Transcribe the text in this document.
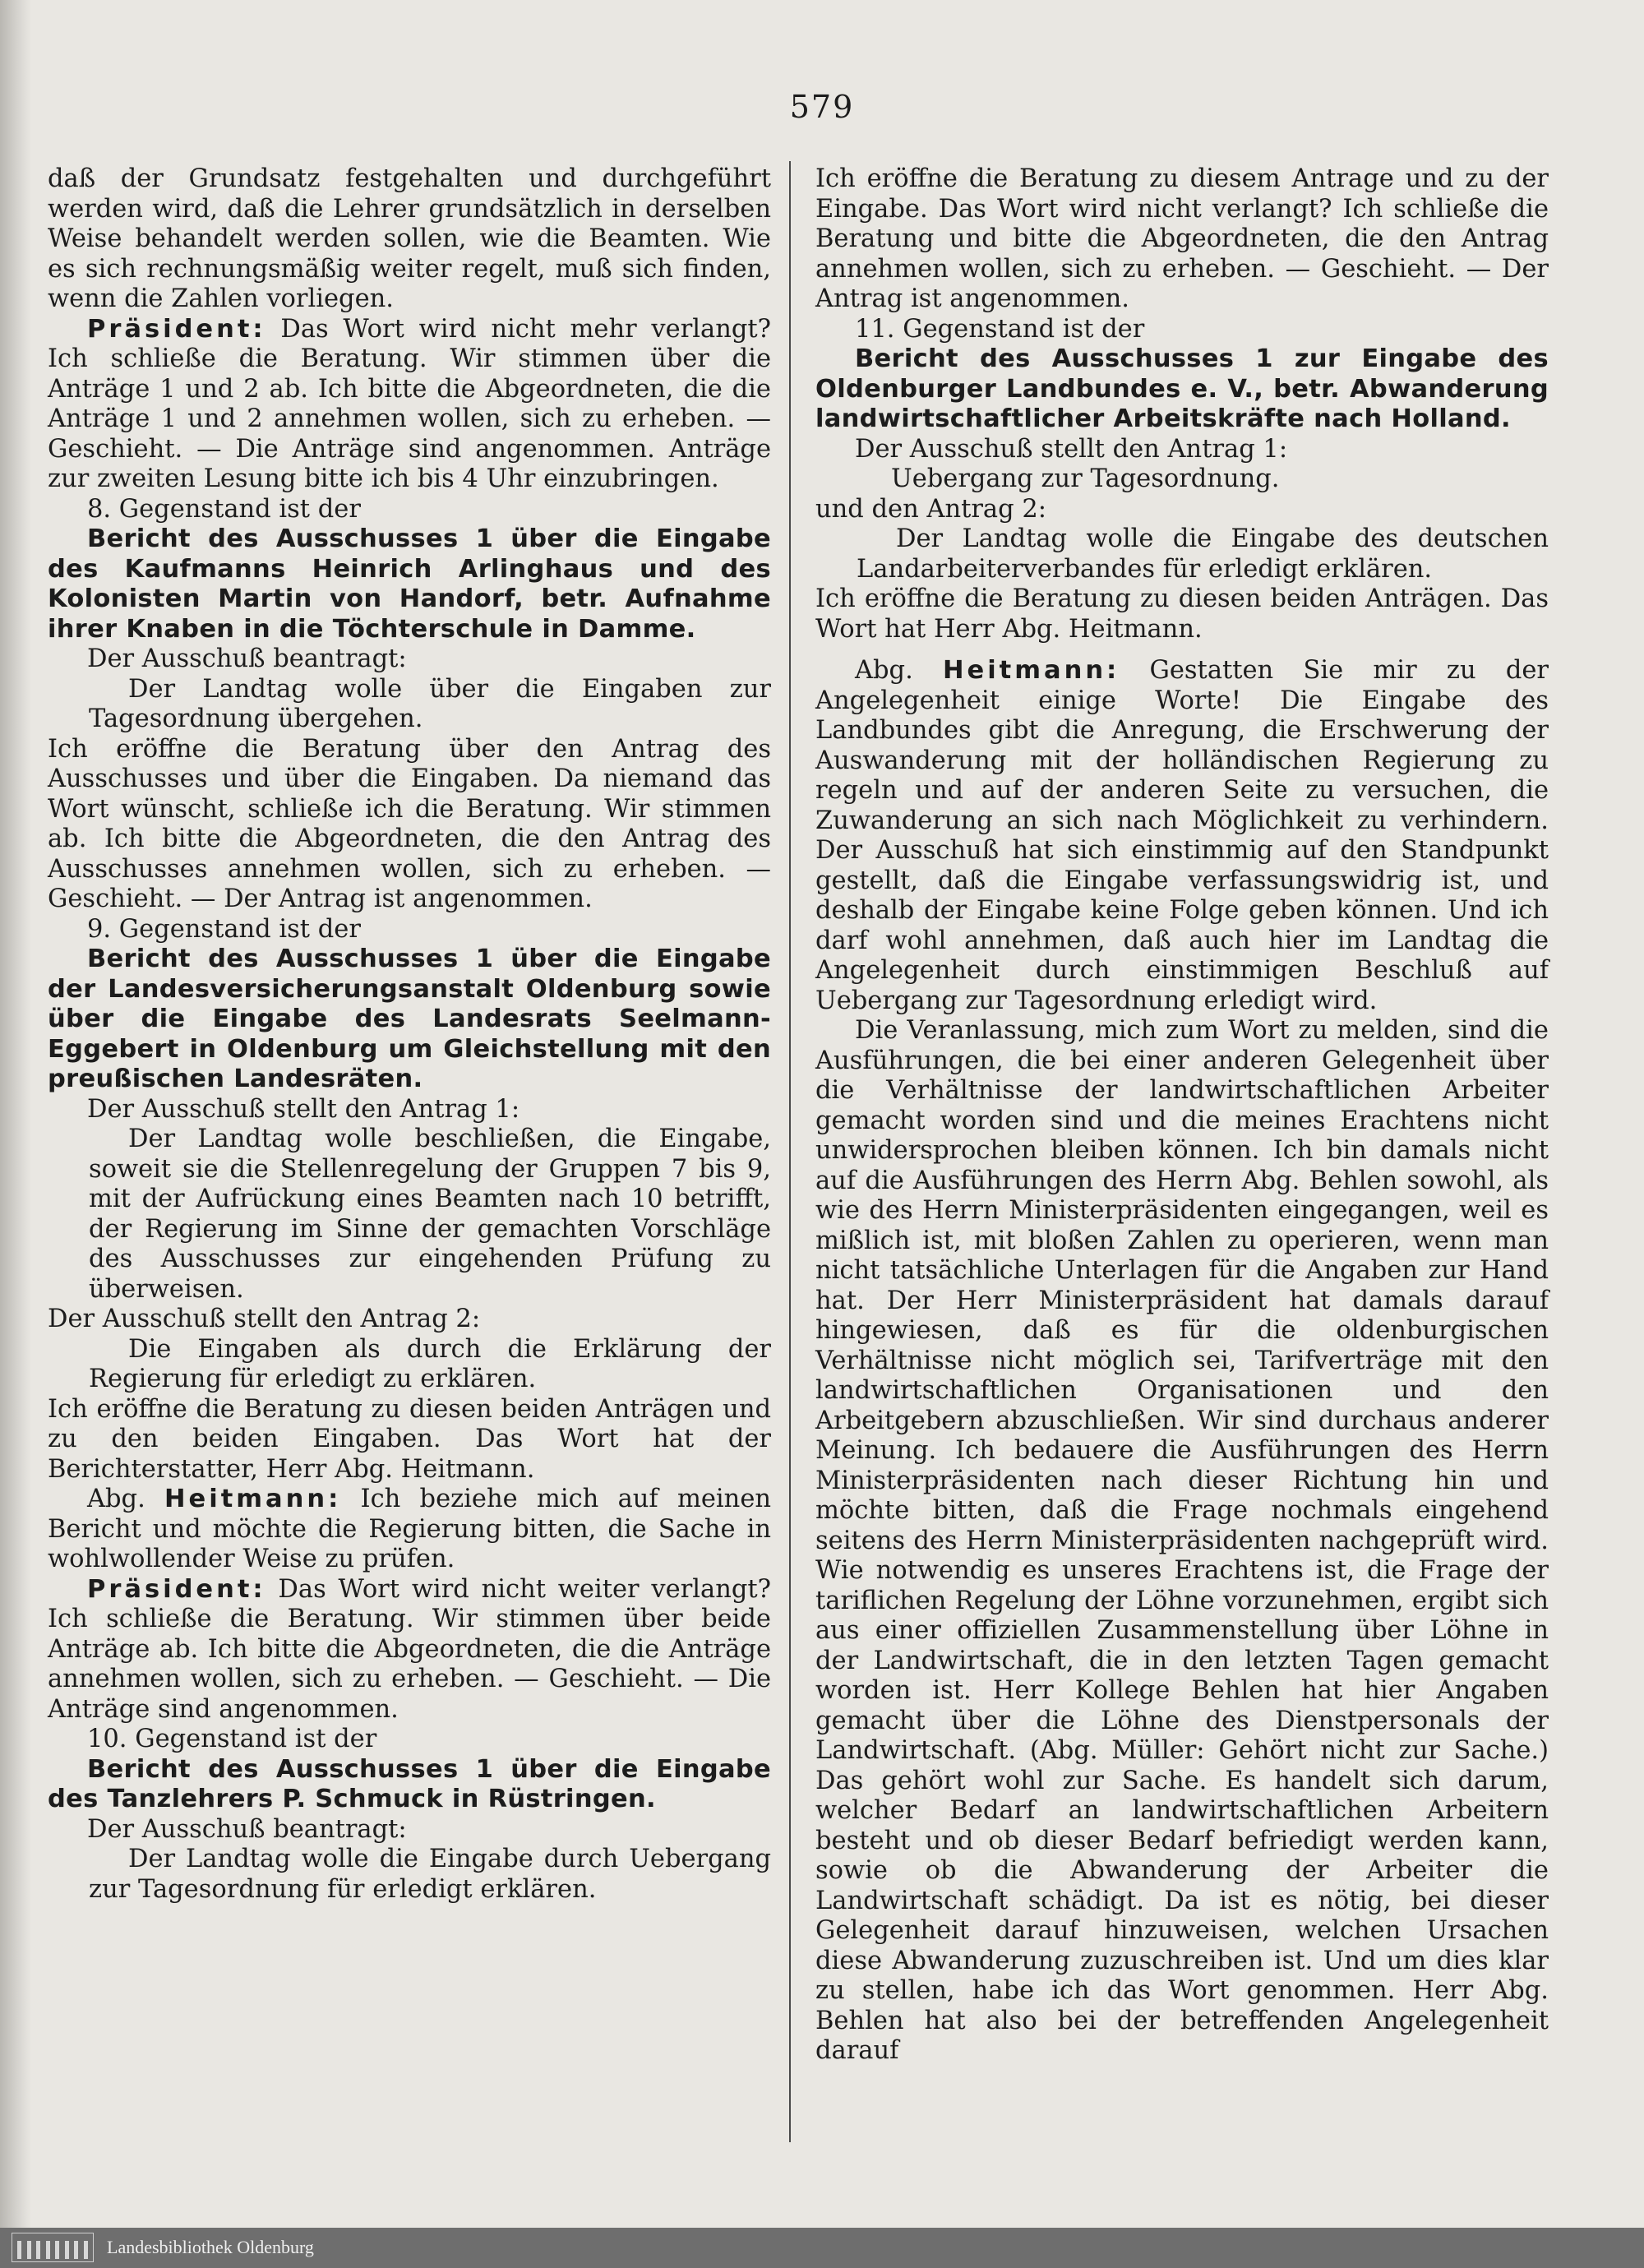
579

daß der Grundsatz festgehalten und durchgeführt werden wird, daß die Lehrer grundsätzlich in derselben Weise behandelt werden sollen, wie die Beamten. Wie es sich rechnungsmäßig weiter regelt, muß sich finden, wenn die Zahlen vorliegen.

Präsident: Das Wort wird nicht mehr verlangt? Ich schließe die Beratung. Wir stimmen über die Anträge 1 und 2 ab. Ich bitte die Abgeordneten, die die Anträge 1 und 2 annehmen wollen, sich zu erheben. — Geschieht. — Die Anträge sind angenommen. Anträge zur zweiten Lesung bitte ich bis 4 Uhr einzubringen.

8. Gegenstand ist der

Bericht des Ausschusses 1 über die Eingabe des Kaufmanns Heinrich Arlinghaus und des Kolonisten Martin von Handorf, betr. Aufnahme ihrer Knaben in die Töchterschule in Damme.

Der Ausschuß beantragt:

Der Landtag wolle über die Eingaben zur Tagesordnung übergehen.

Ich eröffne die Beratung über den Antrag des Ausschusses und über die Eingaben. Da niemand das Wort wünscht, schließe ich die Beratung. Wir stimmen ab. Ich bitte die Abgeordneten, die den Antrag des Ausschusses annehmen wollen, sich zu erheben. — Geschieht. — Der Antrag ist angenommen.

9. Gegenstand ist der

Bericht des Ausschusses 1 über die Eingabe der Landesversicherungsanstalt Oldenburg sowie über die Eingabe des Landesrats Seelmann-Eggebert in Oldenburg um Gleichstellung mit den preußischen Landesräten.

Der Ausschuß stellt den Antrag 1:

Der Landtag wolle beschließen, die Eingabe, soweit sie die Stellenregelung der Gruppen 7 bis 9, mit der Aufrückung eines Beamten nach 10 betrifft, der Regierung im Sinne der gemachten Vorschläge des Ausschusses zur eingehenden Prüfung zu überweisen.

Der Ausschuß stellt den Antrag 2:

Die Eingaben als durch die Erklärung der Regierung für erledigt zu erklären.

Ich eröffne die Beratung zu diesen beiden Anträgen und zu den beiden Eingaben. Das Wort hat der Berichterstatter, Herr Abg. Heitmann.

Abg. Heitmann: Ich beziehe mich auf meinen Bericht und möchte die Regierung bitten, die Sache in wohlwollender Weise zu prüfen.

Präsident: Das Wort wird nicht weiter verlangt? Ich schließe die Beratung. Wir stimmen über beide Anträge ab. Ich bitte die Abgeordneten, die die Anträge annehmen wollen, sich zu erheben. — Geschieht. — Die Anträge sind angenommen.

10. Gegenstand ist der

Bericht des Ausschusses 1 über die Eingabe des Tanzlehrers P. Schmuck in Rüstringen.

Der Ausschuß beantragt:

Der Landtag wolle die Eingabe durch Uebergang zur Tagesordnung für erledigt erklären.

Ich eröffne die Beratung zu diesem Antrage und zu der Eingabe. Das Wort wird nicht verlangt? Ich schließe die Beratung und bitte die Abgeordneten, die den Antrag annehmen wollen, sich zu erheben. — Geschieht. — Der Antrag ist angenommen.

11. Gegenstand ist der

Bericht des Ausschusses 1 zur Eingabe des Oldenburger Landbundes e. V., betr. Abwanderung landwirtschaftlicher Arbeitskräfte nach Holland.

Der Ausschuß stellt den Antrag 1:

Uebergang zur Tagesordnung.

und den Antrag 2:

Der Landtag wolle die Eingabe des deutschen Landarbeiterverbandes für erledigt erklären.

Ich eröffne die Beratung zu diesen beiden Anträgen. Das Wort hat Herr Abg. Heitmann.

Abg. Heitmann: Gestatten Sie mir zu der Angelegenheit einige Worte! Die Eingabe des Landbundes gibt die Anregung, die Erschwerung der Auswanderung mit der holländischen Regierung zu regeln und auf der anderen Seite zu versuchen, die Zuwanderung an sich nach Möglichkeit zu verhindern. Der Ausschuß hat sich einstimmig auf den Standpunkt gestellt, daß die Eingabe verfassungswidrig ist, und deshalb der Eingabe keine Folge geben können. Und ich darf wohl annehmen, daß auch hier im Landtag die Angelegenheit durch einstimmigen Beschluß auf Uebergang zur Tagesordnung erledigt wird.

Die Veranlassung, mich zum Wort zu melden, sind die Ausführungen, die bei einer anderen Gelegenheit über die Verhältnisse der landwirtschaftlichen Arbeiter gemacht worden sind und die meines Erachtens nicht unwidersprochen bleiben können. Ich bin damals nicht auf die Ausführungen des Herrn Abg. Behlen sowohl, als wie des Herrn Ministerpräsidenten eingegangen, weil es mißlich ist, mit bloßen Zahlen zu operieren, wenn man nicht tatsächliche Unterlagen für die Angaben zur Hand hat. Der Herr Ministerpräsident hat damals darauf hingewiesen, daß es für die oldenburgischen Verhältnisse nicht möglich sei, Tarifverträge mit den landwirtschaftlichen Organisationen und den Arbeitgebern abzuschließen. Wir sind durchaus anderer Meinung. Ich bedauere die Ausführungen des Herrn Ministerpräsidenten nach dieser Richtung hin und möchte bitten, daß die Frage nochmals eingehend seitens des Herrn Ministerpräsidenten nachgeprüft wird. Wie notwendig es unseres Erachtens ist, die Frage der tariflichen Regelung der Löhne vorzunehmen, ergibt sich aus einer offiziellen Zusammenstellung über Löhne in der Landwirtschaft, die in den letzten Tagen gemacht worden ist. Herr Kollege Behlen hat hier Angaben gemacht über die Löhne des Dienstpersonals der Landwirtschaft. (Abg. Müller: Gehört nicht zur Sache.) Das gehört wohl zur Sache. Es handelt sich darum, welcher Bedarf an landwirtschaftlichen Arbeitern besteht und ob dieser Bedarf befriedigt werden kann, sowie ob die Abwanderung der Arbeiter die Landwirtschaft schädigt. Da ist es nötig, bei dieser Gelegenheit darauf hinzuweisen, welchen Ursachen diese Abwanderung zuzuschreiben ist. Und um dies klar zu stellen, habe ich das Wort genommen. Herr Abg. Behlen hat also bei der betreffenden Angelegenheit darauf

Landesbibliothek Oldenburg
